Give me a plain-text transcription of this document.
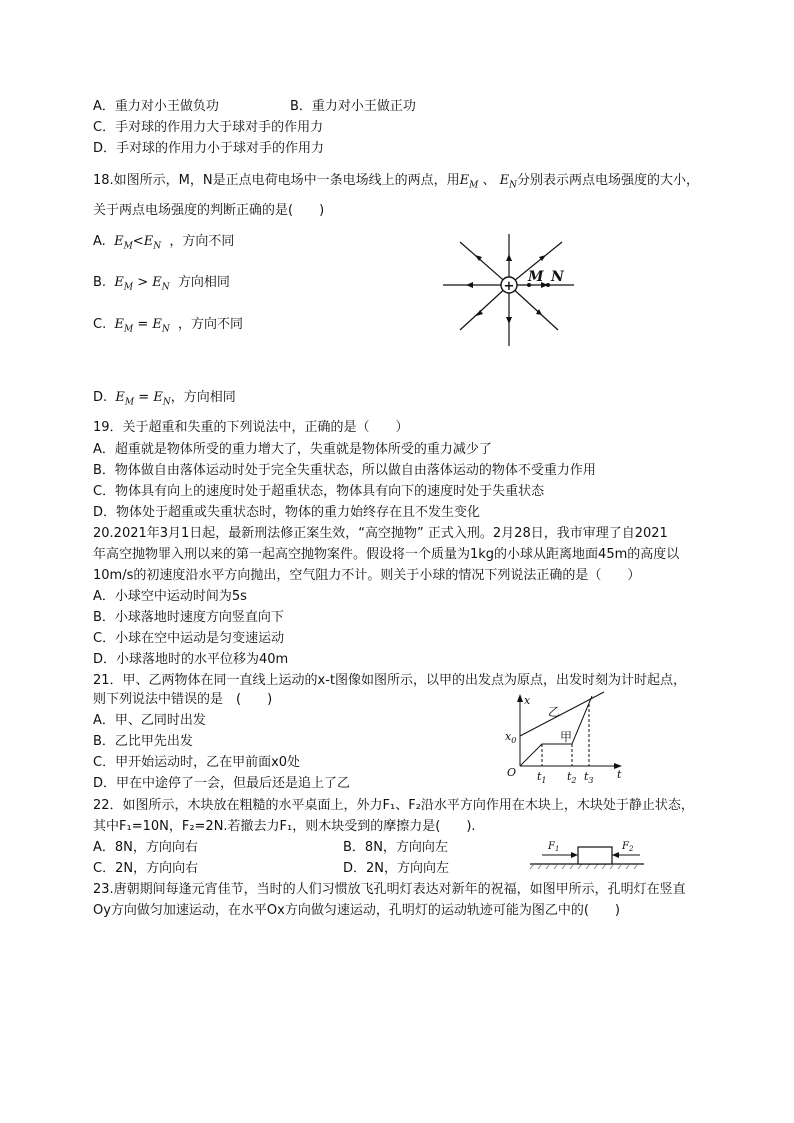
A．重力对小王做负功	B．重力对小王做正功
C．手对球的作用力大于球对手的作用力
D．手对球的作用力小于球对手的作用力
18.如图所示，M，N是正点电荷电场中一条电场线上的两点，用$E_M$ 、 $E_N$分别表示两点电场强度的大小，
关于两点电场强度的判断正确的是(　　)
A. $E_M<E_N$ ，方向不同
B. $E_M > E_N$ 方向相同
C. $E_M = E_N$ ，方向不同
D. $E_M = E_N$，方向相同
+
M N
19．关于超重和失重的下列说法中，正确的是（　　）
A．超重就是物体所受的重力增大了，失重就是物体所受的重力减少了
B．物体做自由落体运动时处于完全失重状态，所以做自由落体运动的物体不受重力作用
C．物体具有向上的速度时处于超重状态，物体具有向下的速度时处于失重状态
D．物体处于超重或失重状态时，物体的重力始终存在且不发生变化
20.2021年3月1日起，最新刑法修正案生效，“高空抛物” 正式入刑。2月28日，我市审理了自2021
年高空抛物罪入刑以来的第一起高空抛物案件。假设将一个质量为1kg的小球从距离地面45m的高度以
10m/s的初速度沿水平方向抛出，空气阻力不计。则关于小球的情况下列说法正确的是（　　）
A．小球空中运动时间为5s
B．小球落地时速度方向竖直向下
C．小球在空中运动是匀变速运动
D．小球落地时的水平位移为40m
21．甲、乙两物体在同一直线上运动的x-t图像如图所示，以甲的出发点为原点，出发时刻为计时起点，
则下列说法中错误的是　(　　)
A．甲、乙同时出发
B．乙比甲先出发
C．甲开始运动时，乙在甲前面x0处
D．甲在中途停了一会，但最后还是追上了乙
x
t
O
$x_0$
乙
甲
$t_1$ $t_2$ $t_3$
22．如图所示，木块放在粗糙的水平桌面上，外力F₁、F₂沿水平方向作用在木块上，木块处于静止状态，
其中F₁=10N，F₂=2N.若撤去力F₁，则木块受到的摩擦力是(　　).
A．8N，方向向右	B．8N，方向向左
C．2N，方向向右	D．2N，方向向左
$F_1$	$F_2$
23.唐朝期间每逢元宵佳节，当时的人们习惯放飞孔明灯表达对新年的祝福，如图甲所示，孔明灯在竖直
Oy方向做匀加速运动，在水平Ox方向做匀速运动，孔明灯的运动轨迹可能为图乙中的(　　)
